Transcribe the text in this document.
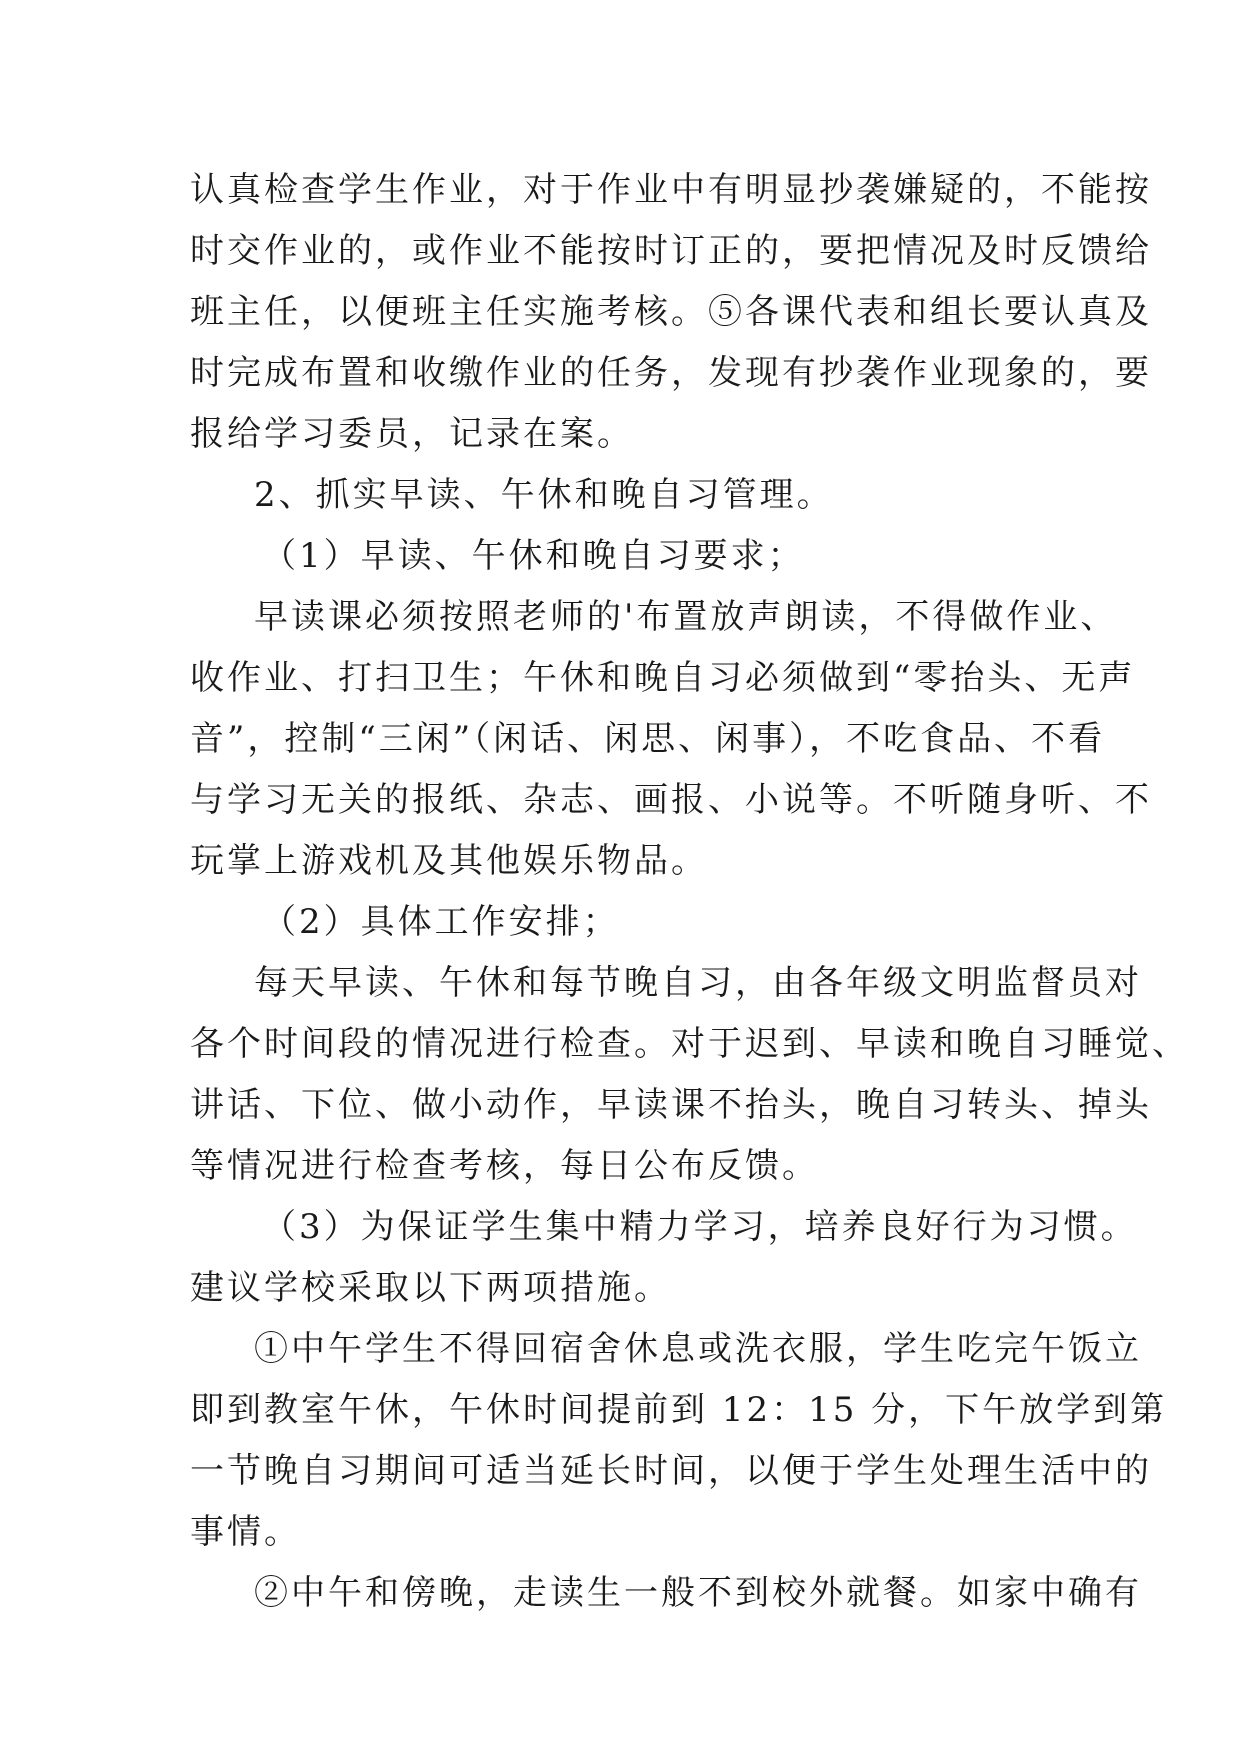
认真检查学生作业，对于作业中有明显抄袭嫌疑的，不能按
时交作业的，或作业不能按时订正的，要把情况及时反馈给
班主任，以便班主任实施考核。⑤各课代表和组长要认真及
时完成布置和收缴作业的任务，发现有抄袭作业现象的，要
报给学习委员，记录在案。
2、抓实早读、午休和晚自习管理。
（1）早读、午休和晚自习要求；
早读课必须按照老师的'布置放声朗读，不得做作业、
收作业、打扫卫生；午休和晚自习必须做到“零抬头、无声
音”，控制“三闲”（闲话、闲思、闲事），不吃食品、不看
与学习无关的报纸、杂志、画报、小说等。不听随身听、不
玩掌上游戏机及其他娱乐物品。
（2）具体工作安排；
每天早读、午休和每节晚自习，由各年级文明监督员对
各个时间段的情况进行检查。对于迟到、早读和晚自习睡觉、
讲话、下位、做小动作，早读课不抬头，晚自习转头、掉头
等情况进行检查考核，每日公布反馈。
（3）为保证学生集中精力学习，培养良好行为习惯。
建议学校采取以下两项措施。
①中午学生不得回宿舍休息或洗衣服，学生吃完午饭立
即到教室午休，午休时间提前到 12：15 分，下午放学到第
一节晚自习期间可适当延长时间，以便于学生处理生活中的
事情。
②中午和傍晚，走读生一般不到校外就餐。如家中确有
